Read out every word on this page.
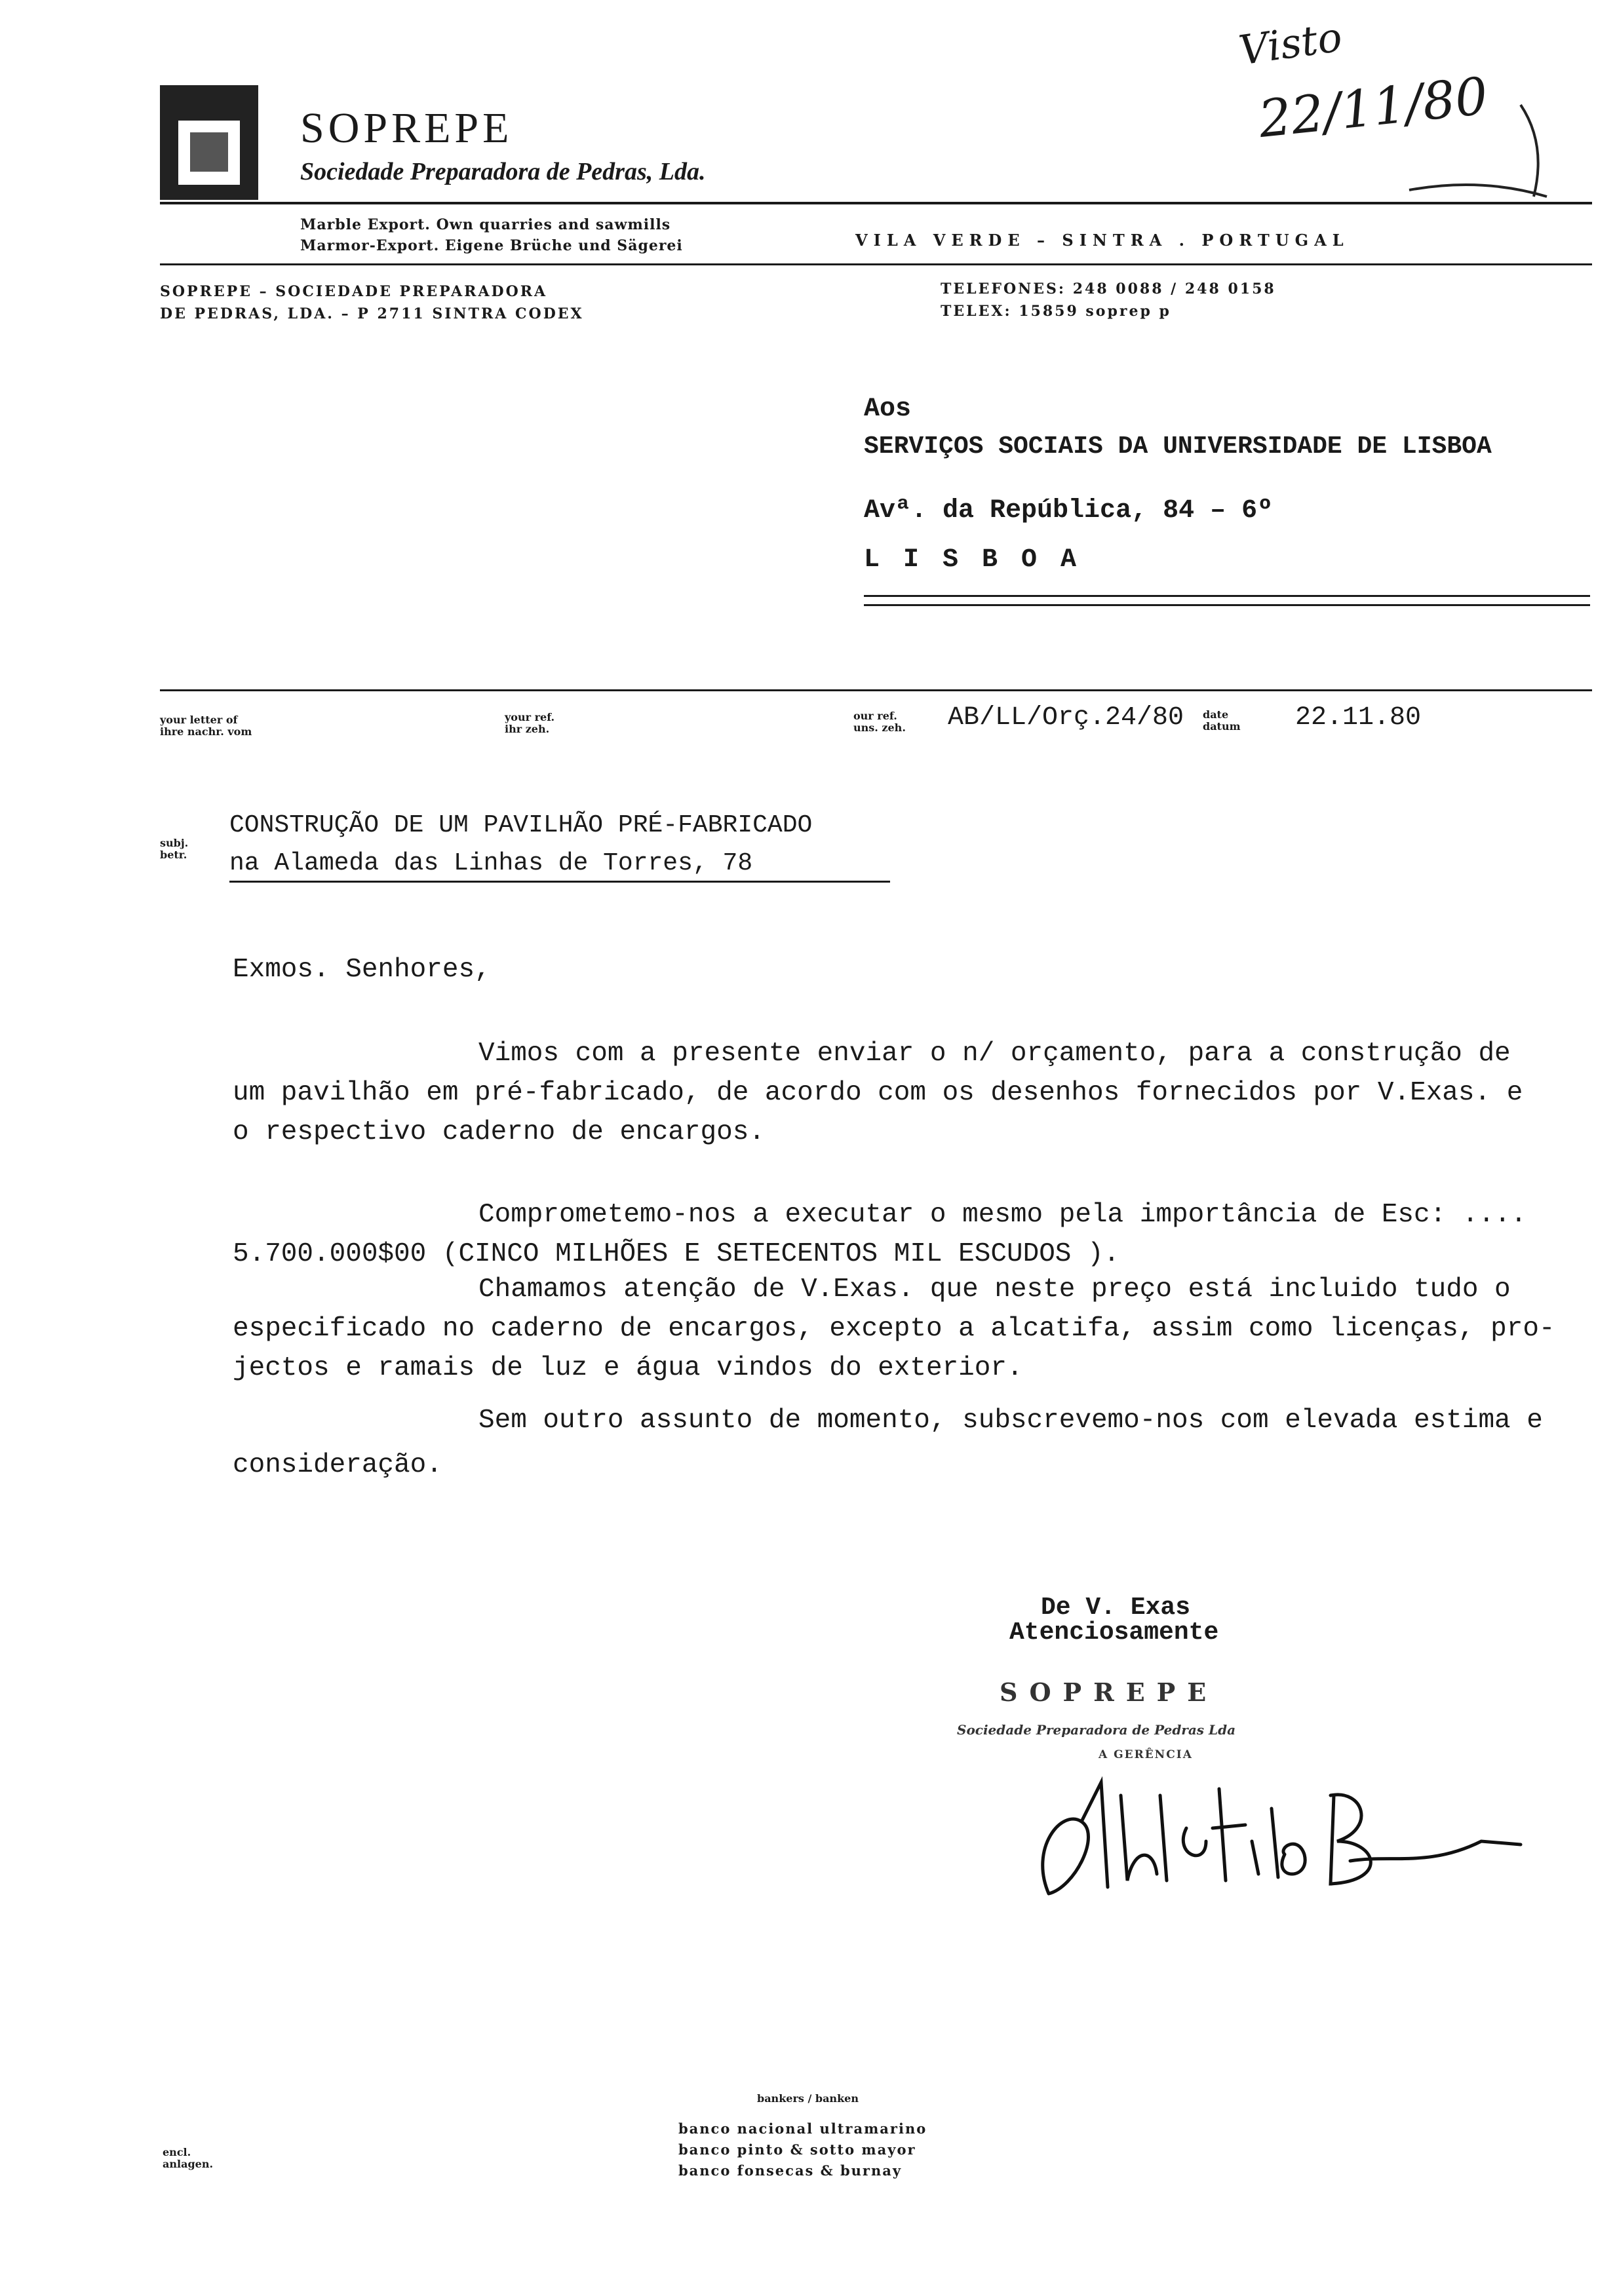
Visto
22/11/80
SOPREPE
Sociedade Preparadora de Pedras, Lda.
Marble Export. Own quarries and sawmills
Marmor-Export. Eigene Brüche und Sägerei	VILA VERDE – SINTRA . PORTUGAL
SOPREPE – SOCIEDADE PREPARADORA
DE PEDRAS, LDA. – P 2711 SINTRA CODEX
TELEFONES: 248 0088 / 248 0158
TELEX: 15859 soprep p
Aos
SERVIÇOS SOCIAIS DA UNIVERSIDADE DE LISBOA
Avª. da República, 84 – 6º
L I S B O A
your letter of
ihre nachr. vom
your ref.
ihr zeh.
our ref.
uns. zeh. AB/LL/Orç.24/80 date
datum 22.11.80
subj.
betr.
CONSTRUÇÃO DE UM PAVILHÃO PRÉ-FABRICADO
na Alameda das Linhas de Torres, 78
Exmos. Senhores,
Vimos com a presente enviar o n/ orçamento, para a construção de
um pavilhão em pré-fabricado, de acordo com os desenhos fornecidos por V.Exas. e
o respectivo caderno de encargos.
Comprometemo-nos a executar o mesmo pela importância de Esc: ....
5.700.000$00 (CINCO MILHÕES E SETECENTOS MIL ESCUDOS ).
Chamamos atenção de V.Exas. que neste preço está incluido tudo o
especificado no caderno de encargos, excepto a alcatifa, assim como licenças, pro-
jectos e ramais de luz e água vindos do exterior.
Sem outro assunto de momento, subscrevemo-nos com elevada estima e
consideração.
De V. Exas
Atenciosamente
SOPREPE
Sociedade Preparadora de Pedras Lda
A GERÊNCIA
encl.
anlagen.
bankers / banken
banco nacional ultramarino
banco pinto & sotto mayor
banco fonsecas & burnay
